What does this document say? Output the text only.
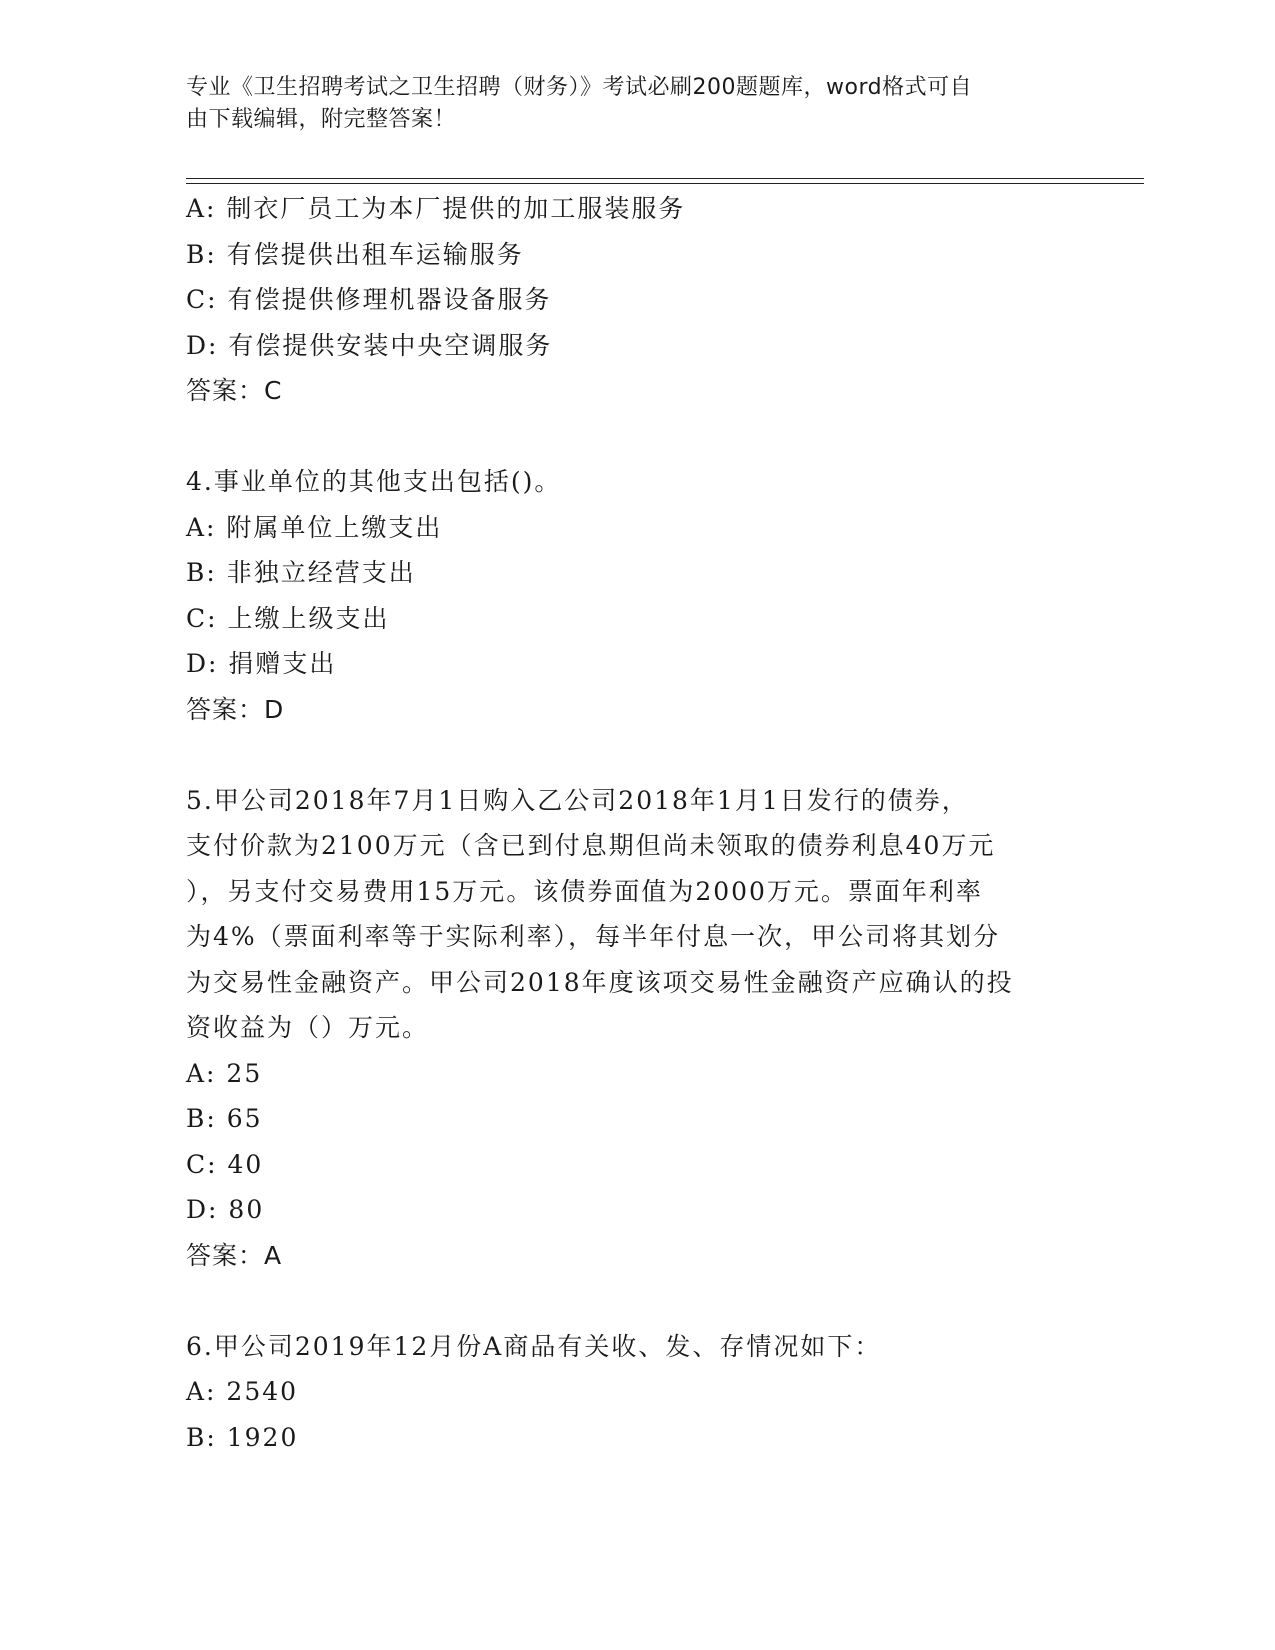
专业《卫生招聘考试之卫生招聘（财务）》考试必刷200题题库，word格式可自
由下载编辑，附完整答案！
A: 制衣厂员工为本厂提供的加工服装服务
B: 有偿提供出租车运输服务
C: 有偿提供修理机器设备服务
D: 有偿提供安装中央空调服务
答案：C
4.事业单位的其他支出包括()。
A: 附属单位上缴支出
B: 非独立经营支出
C: 上缴上级支出
D: 捐赠支出
答案：D
5.甲公司2018年7月1日购入乙公司2018年1月1日发行的债券，
支付价款为2100万元（含已到付息期但尚未领取的债券利息40万元
），另支付交易费用15万元。该债券面值为2000万元。票面年利率
为4%（票面利率等于实际利率），每半年付息一次，甲公司将其划分
为交易性金融资产。甲公司2018年度该项交易性金融资产应确认的投
资收益为（）万元。
A: 25
B: 65
C: 40
D: 80
答案：A
6.甲公司2019年12月份A商品有关收、发、存情况如下：
A: 2540
B: 1920
